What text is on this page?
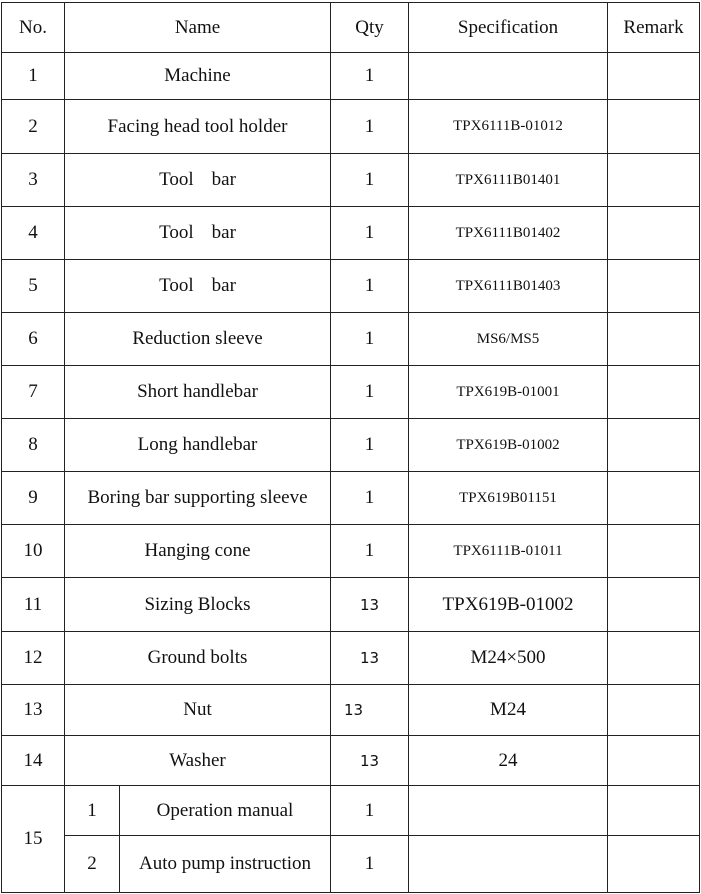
No.	Name		Qty	Specification	Remark
1	Machine		1		
2	Facing head tool holder		1	TPX6111B-01012	
3	Tool bar		1	TPX6111B01401	
4	Tool bar		1	TPX6111B01402	
5	Tool bar		1	TPX6111B01403	
6	Reduction sleeve		1	MS6/MS5	
7	Short handlebar		1	TPX619B-01001	
8	Long handlebar		1	TPX619B-01002	
9	Boring bar supporting sleeve		1	TPX619B01151	
10	Hanging cone		1	TPX6111B-01011	
11	Sizing Blocks		13	TPX619B-01002	
12	Ground bolts		13	M24×500	
13	Nut		13	M24	
14	Washer		13	24	
15	1	Operation manual	1		
	2	Auto pump instruction	1		
